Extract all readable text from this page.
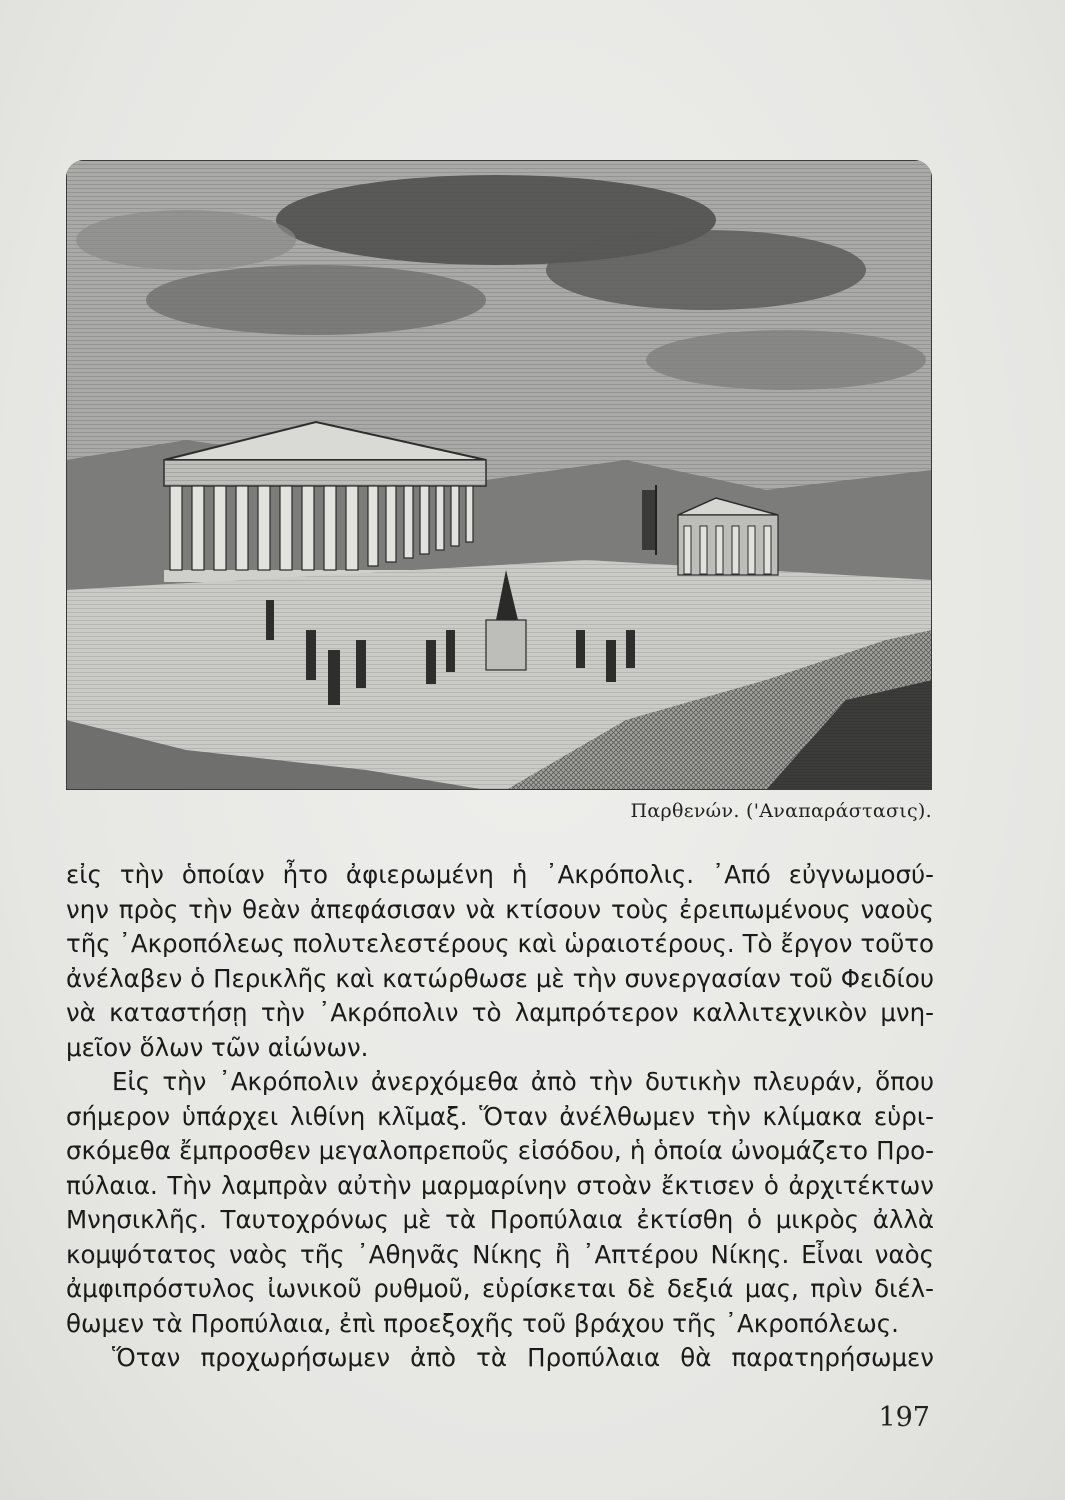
Παρθενών. ('Αναπαράστασις).

εἰς τὴν ὁποίαν ἦτο ἀφιερωμένη ἡ ᾿Ακρόπολις. ᾿Από εὐγνωμοσύ-
νην πρὸς τὴν θεὰν ἀπεφάσισαν νὰ κτίσουν τοὺς ἐρειπωμένους ναοὺς
τῆς ᾿Ακροπόλεως πολυτελεστέρους καὶ ὡραιοτέρους. Τὸ ἔργον τοῦτο
ἀνέλαβεν ὁ Περικλῆς καὶ κατώρθωσε μὲ τὴν συνεργασίαν τοῦ Φειδίου
νὰ καταστήσῃ τὴν ᾿Ακρόπολιν τὸ λαμπρότερον καλλιτεχνικὸν μνη-
μεῖον ὅλων τῶν αἰώνων.

Εἰς τὴν ᾿Ακρόπολιν ἀνερχόμεθα ἀπὸ τὴν δυτικὴν πλευράν, ὅπου
σήμερον ὑπάρχει λιθίνη κλῖμαξ. Ὅταν ἀνέλθωμεν τὴν κλίμακα εὑρι-
σκόμεθα ἔμπροσθεν μεγαλοπρεποῦς εἰσόδου, ἡ ὁποία ὠνομάζετο Προ-
πύλαια. Τὴν λαμπρὰν αὐτὴν μαρμαρίνην στοὰν ἔκτισεν ὁ ἀρχιτέκτων
Μνησικλῆς. Ταυτοχρόνως μὲ τὰ Προπύλαια ἐκτίσθη ὁ μικρὸς ἀλλὰ
κομψότατος ναὸς τῆς ᾿Αθηνᾶς Νίκης ἢ ᾿Απτέρου Νίκης. Εἶναι ναὸς
ἀμφιπρόστυλος ἰωνικοῦ ρυθμοῦ, εὑρίσκεται δὲ δεξιά μας, πρὶν διέλ-
θωμεν τὰ Προπύλαια, ἐπὶ προεξοχῆς τοῦ βράχου τῆς ᾿Ακροπόλεως.

Ὅταν προχωρήσωμεν ἀπὸ τὰ Προπύλαια θὰ παρατηρήσωμεν

197
